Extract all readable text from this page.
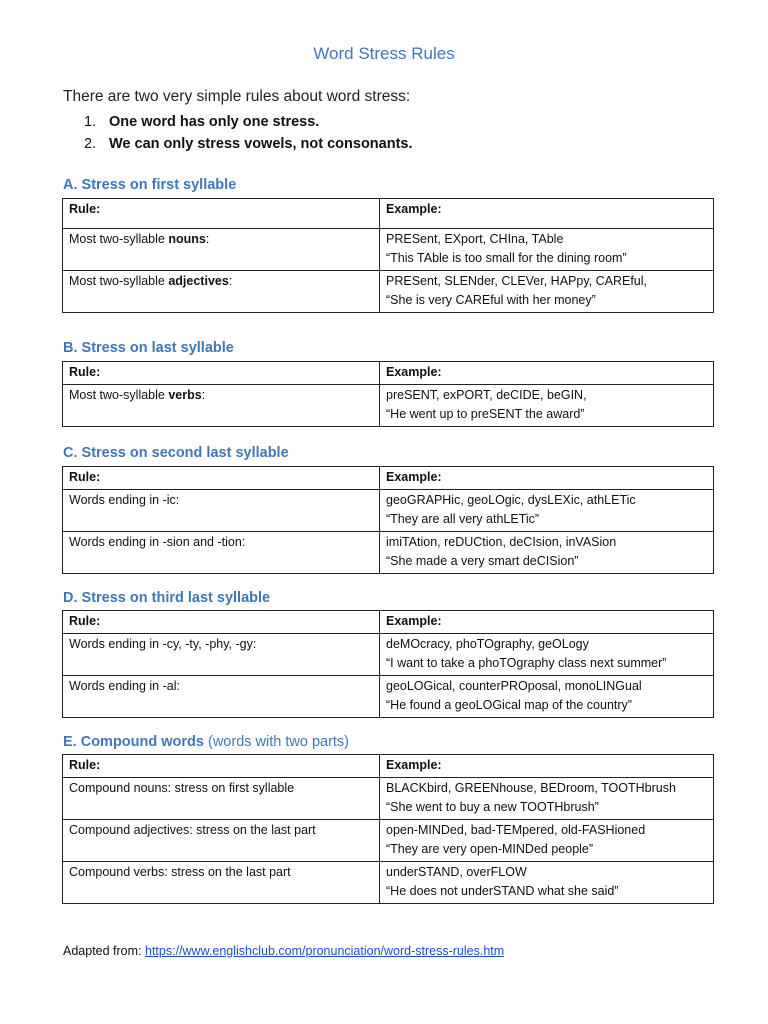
Word Stress Rules
There are two very simple rules about word stress:
1. One word has only one stress.
2. We can only stress vowels, not consonants.
A. Stress on first syllable
Rule:	Example:
Most two-syllable nouns:	PRESent, EXport, CHIna, TAble
“This TAble is too small for the dining room”

Most two-syllable adjectives:	PRESent, SLENder, CLEVer, HAPpy, CAREful,
“She is very CAREful with her money”
B. Stress on last syllable
Rule:	Example:
Most two-syllable verbs:	preSENT, exPORT, deCIDE, beGIN,
“He went up to preSENT the award”
C. Stress on second last syllable
Rule:	Example:
Words ending in -ic:	geoGRAPHic, geoLOgic, dysLEXic, athLETic
“They are all very athLETic”

Words ending in -sion and -tion:	imiTAtion, reDUCtion, deCIsion, inVASion
“She made a very smart deCISion”
D. Stress on third last syllable
Rule:	Example:
Words ending in -cy, -ty, -phy, -gy:	deMOcracy, phoTOgraphy, geOLogy
“I want to take a phoTOgraphy class next summer”

Words ending in -al:	geoLOGical, counterPROposal, monoLINGual
“He found a geoLOGical map of the country”
E. Compound words (words with two parts)
Rule:	Example:
Compound nouns: stress on first syllable	BLACKbird, GREENhouse, BEDroom, TOOTHbrush
“She went to buy a new TOOTHbrush”

Compound adjectives: stress on the last part	open-MINDed, bad-TEMpered, old-FASHioned
“They are very open-MINDed people”

Compound verbs: stress on the last part	underSTAND, overFLOW
“He does not underSTAND what she said”
Adapted from: https://www.englishclub.com/pronunciation/word-stress-rules.htm
